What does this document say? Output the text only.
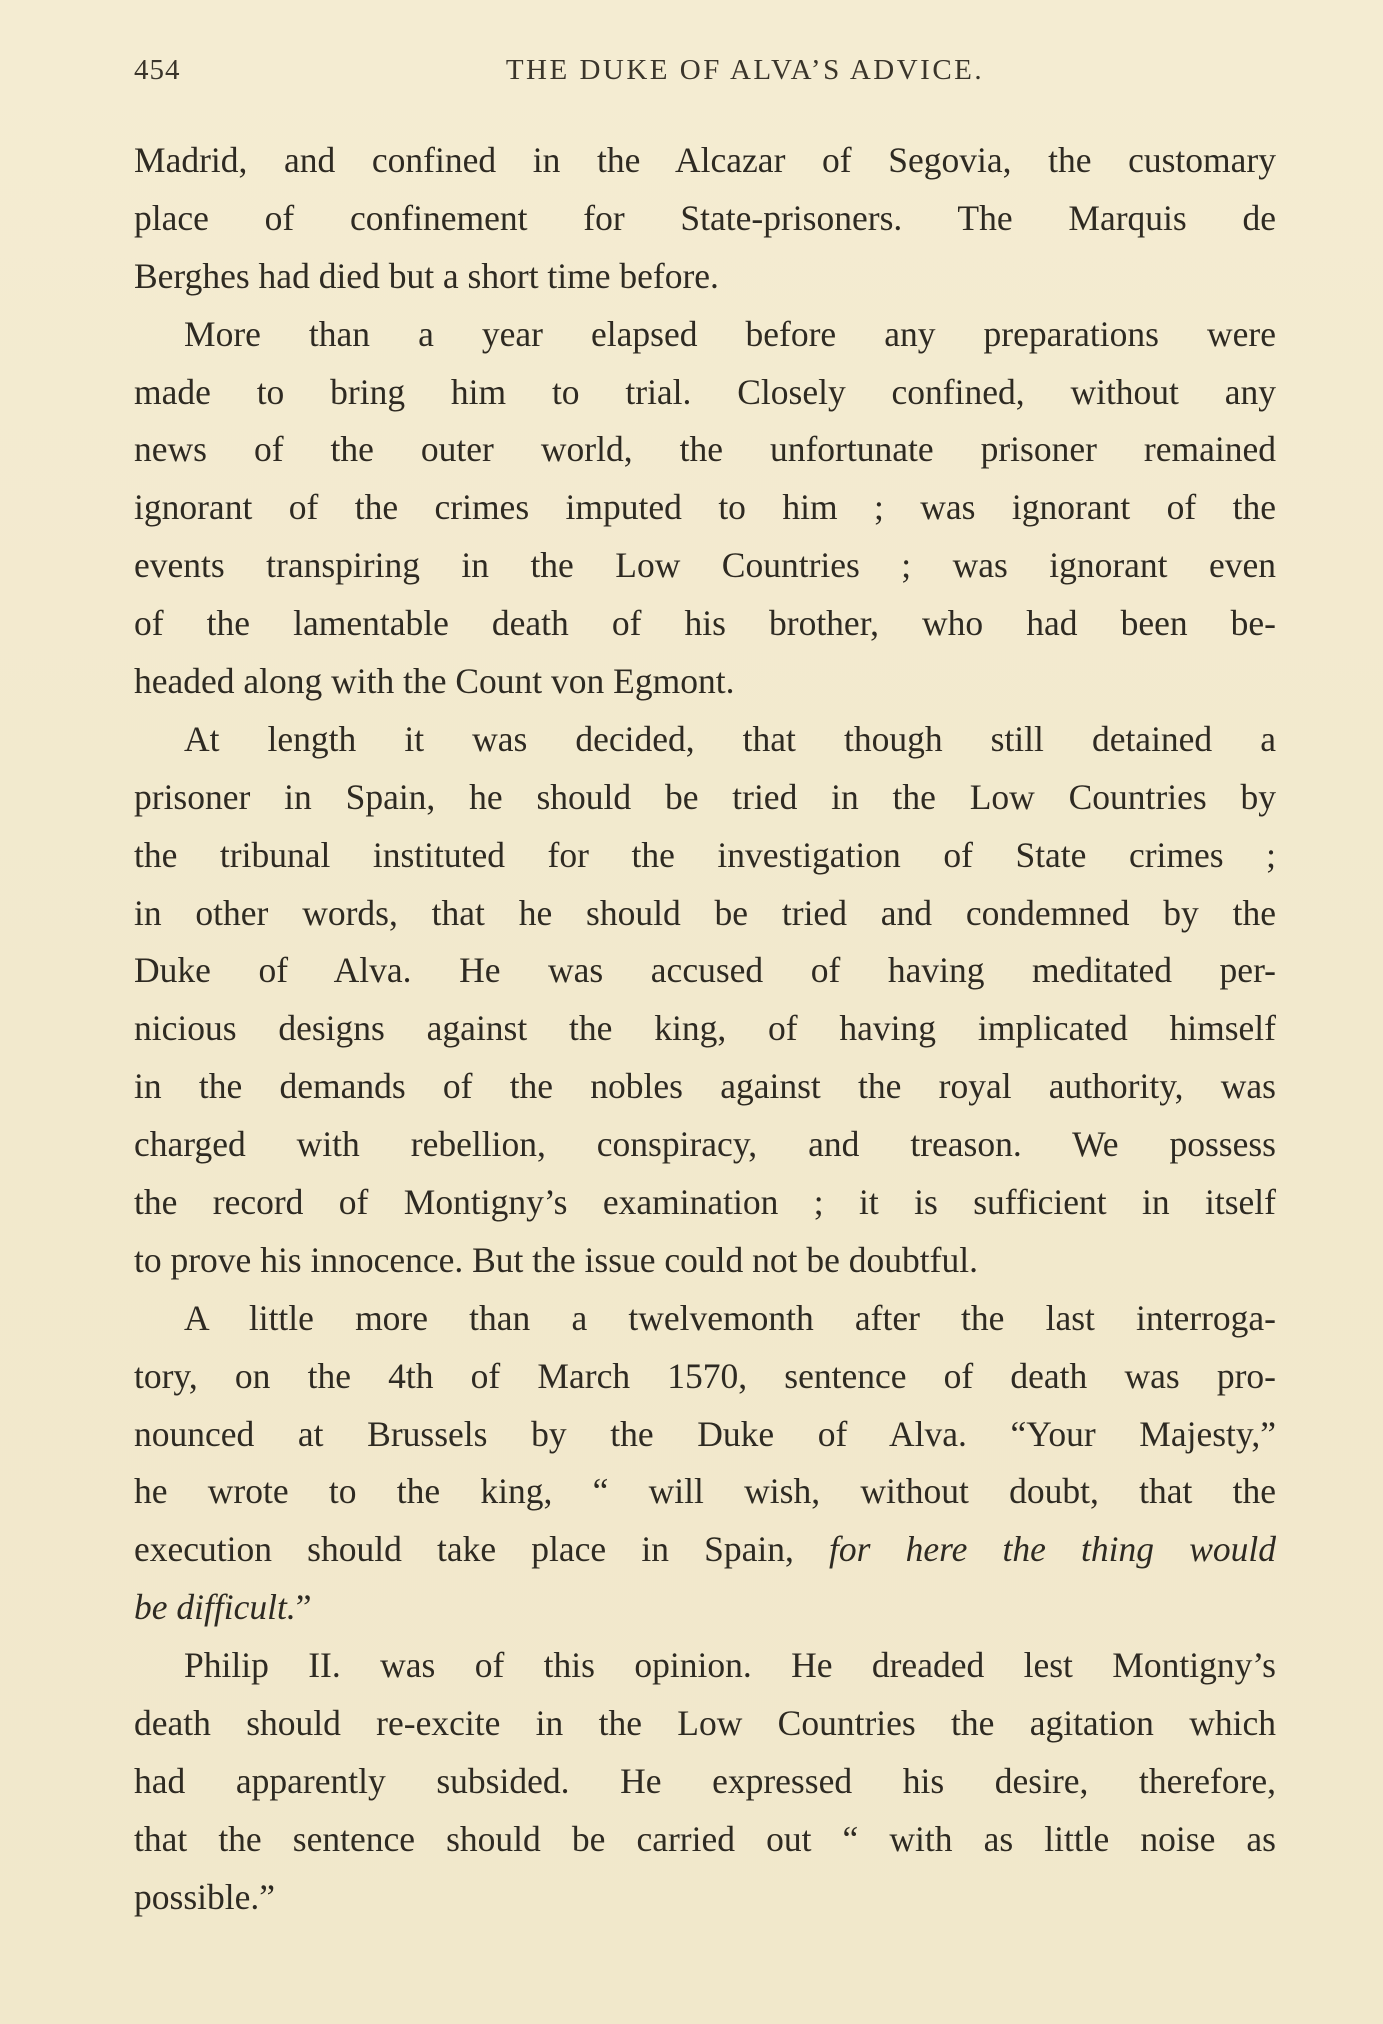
454	THE DUKE OF ALVA’S ADVICE.
Madrid, and confined in the Alcazar of Segovia, the customary
place of confinement for State-prisoners. The Marquis de
Berghes had died but a short time before.
More than a year elapsed before any preparations were
made to bring him to trial. Closely confined, without any
news of the outer world, the unfortunate prisoner remained
ignorant of the crimes imputed to him ; was ignorant of the
events transpiring in the Low Countries ; was ignorant even
of the lamentable death of his brother, who had been be-
headed along with the Count von Egmont.
At length it was decided, that though still detained a
prisoner in Spain, he should be tried in the Low Countries by
the tribunal instituted for the investigation of State crimes ;
in other words, that he should be tried and condemned by the
Duke of Alva. He was accused of having meditated per-
nicious designs against the king, of having implicated himself
in the demands of the nobles against the royal authority, was
charged with rebellion, conspiracy, and treason. We possess
the record of Montigny’s examination ; it is sufficient in itself
to prove his innocence. But the issue could not be doubtful.
A little more than a twelvemonth after the last interroga-
tory, on the 4th of March 1570, sentence of death was pro-
nounced at Brussels by the Duke of Alva. “Your Majesty,”
he wrote to the king, “ will wish, without doubt, that the
execution should take place in Spain, for here the thing would
be difficult.”
Philip II. was of this opinion. He dreaded lest Montigny’s
death should re-excite in the Low Countries the agitation which
had apparently subsided. He expressed his desire, therefore,
that the sentence should be carried out “ with as little noise as
possible.”
